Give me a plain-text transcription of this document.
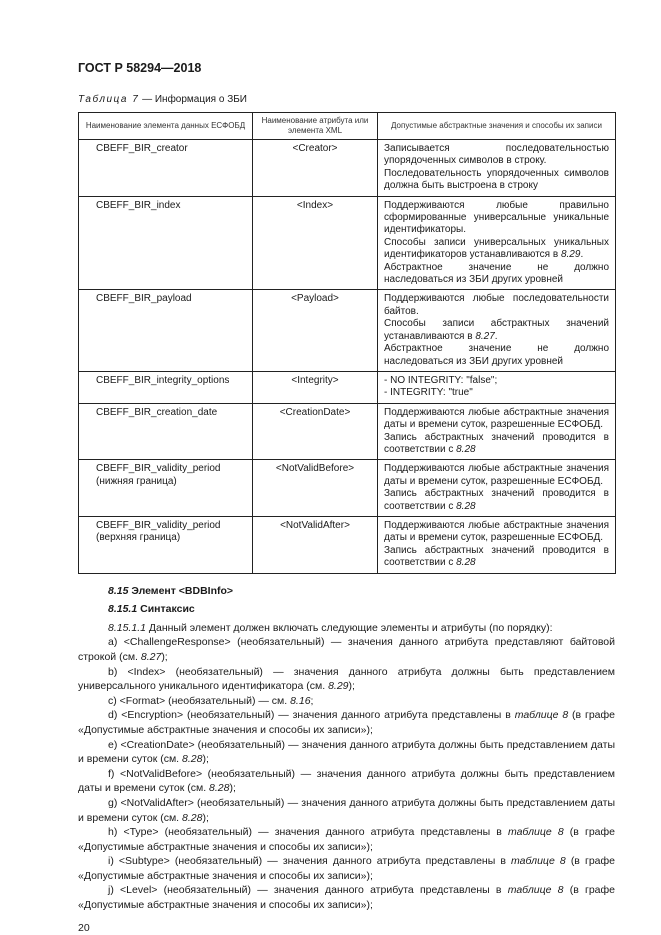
ГОСТ Р 58294—2018
Таблица 7 — Информация о ЗБИ
Наименование элемента данных ЕСФОБД	Наименование атрибута или элемента XML	Допустимые абстрактные значения и способы их записи
CBEFF_BIR_creator	<Creator>	Записывается последовательностью упорядоченных символов в строку.
Последовательность упорядоченных символов должна быть выстроена в строку

CBEFF_BIR_index	<Index>	Поддерживаются любые правильно сформированные универсальные уникальные идентификаторы.
Способы записи универсальных уникальных идентификаторов устанавливаются в 8.29.
Абстрактное значение не должно наследоваться из ЗБИ других уровней

CBEFF_BIR_payload	<Payload>	Поддерживаются любые последовательности байтов.
Способы записи абстрактных значений устанавливаются в 8.27.
Абстрактное значение не должно наследоваться из ЗБИ других уровней

CBEFF_BIR_integrity_options	<Integrity>	- NO INTEGRITY: "false";
- INTEGRITY: "true"

CBEFF_BIR_creation_date	<CreationDate>	Поддерживаются любые абстрактные значения даты и времени суток, разрешенные ЕСФОБД.
Запись абстрактных значений проводится в соответствии с 8.28

CBEFF_BIR_validity_period (нижняя граница)	<NotValidBefore>	Поддерживаются любые абстрактные значения даты и времени суток, разрешенные ЕСФОБД.
Запись абстрактных значений проводится в соответствии с 8.28

CBEFF_BIR_validity_period (верхняя граница)	<NotValidAfter>	Поддерживаются любые абстрактные значения даты и времени суток, разрешенные ЕСФОБД.
Запись абстрактных значений проводится в соответствии с 8.28

8.15 Элемент <BDBInfo>

8.15.1 Синтаксис

8.15.1.1 Данный элемент должен включать следующие элементы и атрибуты (по порядку):

a) <ChallengeResponse> (необязательный) — значения данного атрибута представляют байтовой строкой (см. 8.27);

b) <Index> (необязательный) — значения данного атрибута должны быть представлением универсального уникального идентификатора (см. 8.29);

c) <Format> (необязательный) — см. 8.16;

d) <Encryption> (необязательный) — значения данного атрибута представлены в таблице 8 (в графе «Допустимые абстрактные значения и способы их записи»);

e) <CreationDate> (необязательный) — значения данного атрибута должны быть представлением даты и времени суток (см. 8.28);

f) <NotValidBefore> (необязательный) — значения данного атрибута должны быть представлением даты и времени суток (см. 8.28);

g) <NotValidAfter> (необязательный) — значения данного атрибута должны быть представлением даты и времени суток (см. 8.28);

h) <Type> (необязательный) — значения данного атрибута представлены в таблице 8 (в графе «Допустимые абстрактные значения и способы их записи»);

i) <Subtype> (необязательный) — значения данного атрибута представлены в таблице 8 (в графе «Допустимые абстрактные значения и способы их записи»);

j) <Level> (необязательный) — значения данного атрибута представлены в таблице 8 (в графе «Допустимые абстрактные значения и способы их записи»);

20
